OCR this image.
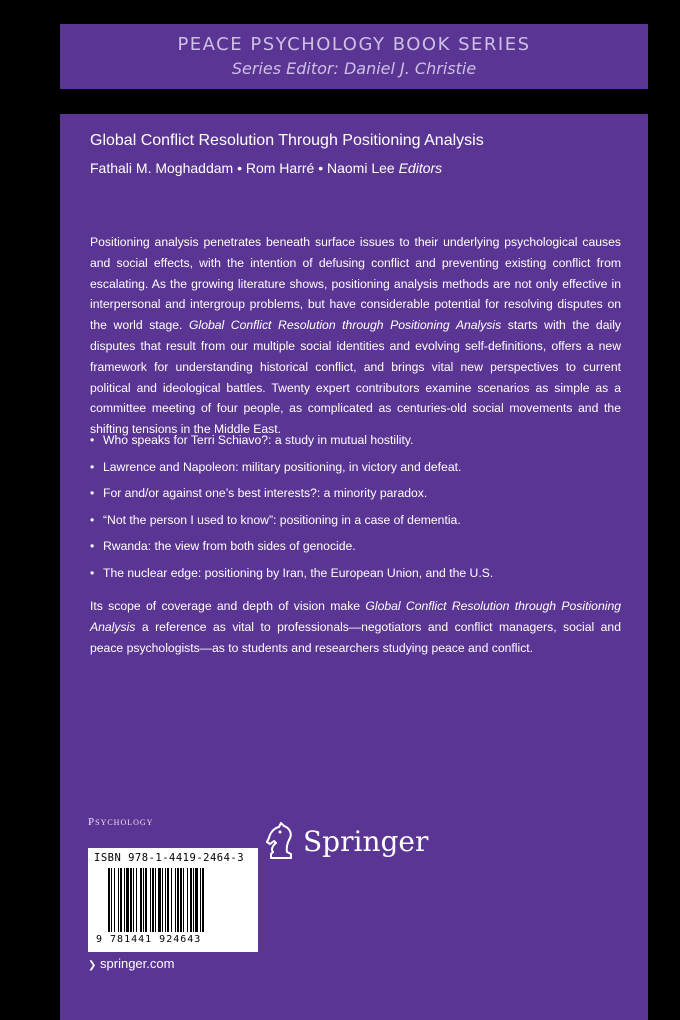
PEACE PSYCHOLOGY BOOK SERIES
Series Editor: Daniel J. Christie
Global Conflict Resolution Through Positioning Analysis
Fathali M. Moghaddam • Rom Harré • Naomi Lee Editors

Positioning analysis penetrates beneath surface issues to their underlying psychological causes and social effects, with the intention of defusing conflict and preventing existing conflict from escalating. As the growing literature shows, positioning analysis methods are not only effective in interpersonal and intergroup problems, but have considerable potential for resolving disputes on the world stage. Global Conflict Resolution through Positioning Analysis starts with the daily disputes that result from our multiple social identities and evolving self-definitions, offers a new framework for understanding historical conflict, and brings vital new perspectives to current political and ideological battles. Twenty expert contributors examine scenarios as simple as a committee meeting of four people, as complicated as centuries-old social movements and the shifting tensions in the Middle East.

• Who speaks for Terri Schiavo?: a study in mutual hostility.
• Lawrence and Napoleon: military positioning, in victory and defeat.
• For and/or against one’s best interests?: a minority paradox.
• “Not the person I used to know”: positioning in a case of dementia.
• Rwanda: the view from both sides of genocide.
• The nuclear edge: positioning by Iran, the European Union, and the U.S.

Its scope of coverage and depth of vision make Global Conflict Resolution through Positioning Analysis a reference as vital to professionals—negotiators and conflict managers, social and peace psychologists—as to students and researchers studying peace and conflict.

Psychology
ISBN 978-1-4419-2464-3
9 781441 924643
Springer
❯ springer.com
